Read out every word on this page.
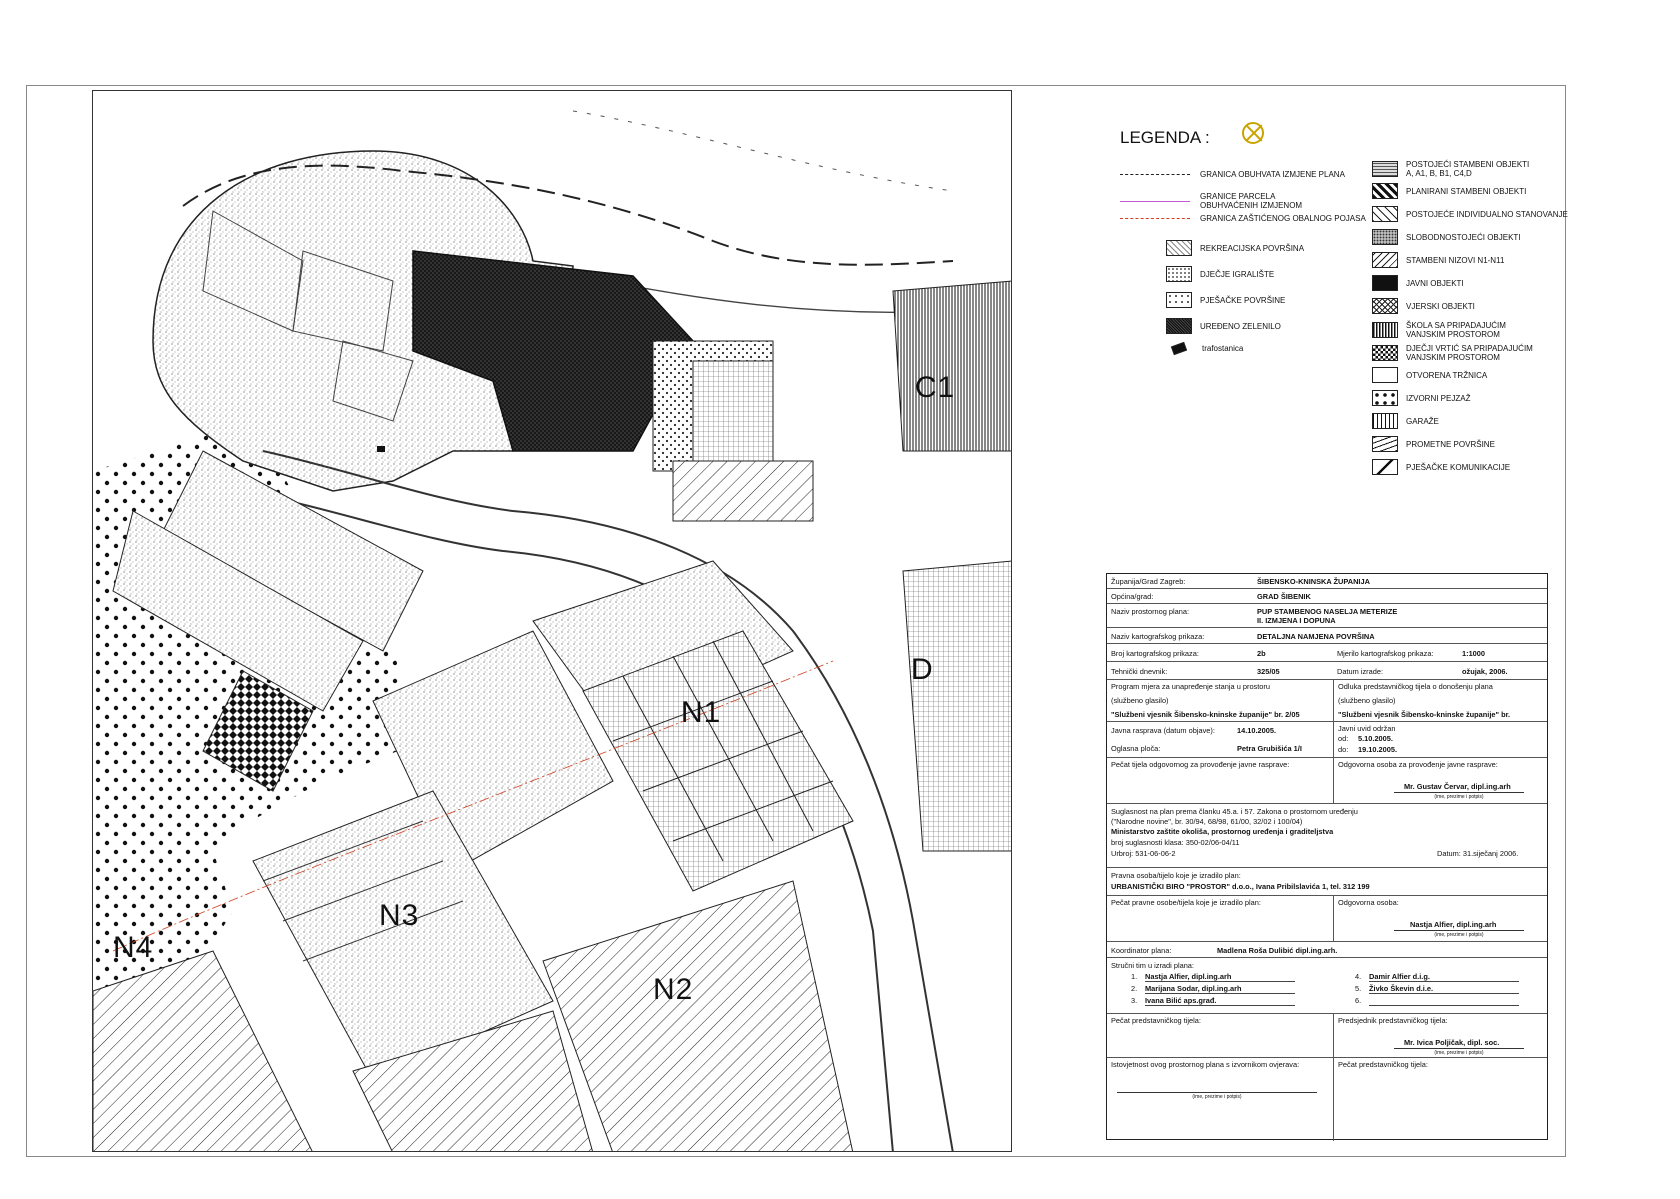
C1
D
N1
N2
N3
N4
LEGENDA :
GRANICA OBUHVATA IZMJENE PLANA
GRANICE PARCELA
OBUHVAĆENIH IZMJENOM
GRANICA ZAŠTIĆENOG OBALNOG POJASA
REKREACIJSKA POVRŠINA
DJEČJE IGRALIŠTE
PJEŠAČKE POVRŠINE
UREĐENO ZELENILO
trafostanica
POSTOJEĆI STAMBENI OBJEKTI
A, A1, B, B1, C4,D
PLANIRANI STAMBENI OBJEKTI
POSTOJEĆE INDIVIDUALNO STANOVANJE
SLOBODNOSTOJEĆI OBJEKTI
STAMBENI NIZOVI N1-N11
JAVNI OBJEKTI
VJERSKI OBJEKTI
ŠKOLA SA PRIPADAJUĆIM
VANJSKIM PROSTOROM
DJEČJI VRTIĆ SA PRIPADAJUĆIM
VANJSKIM PROSTOROM
OTVORENA TRŽNICA
IZVORNI PEJZAŽ
GARAŽE
PROMETNE POVRŠINE
PJEŠAČKE KOMUNIKACIJE
Županija/Grad Zagreb:	ŠIBENSKO-KNINSKA ŽUPANIJA
Općina/grad:	GRAD ŠIBENIK
Naziv prostornog plana:	PUP STAMBENOG NASELJA METERIZE
II. IZMJENA I DOPUNA
Naziv kartografskog prikaza:	DETALJNA NAMJENA POVRŠINA
Broj kartografskog prikaza:	2b	Mjerilo kartografskog prikaza:	1:1000
Tehnički dnevnik:	325/05	Datum izrade:	ožujak, 2006.
Program mjera za unapređenje stanja u prostoru
(službeno glasilo)
"Službeni vjesnik Šibensko-kninske županije" br. 2/05
Odluka predstavničkog tijela o donošenju plana
(službeno glasilo)
"Službeni vjesnik Šibensko-kninske županije" br.
Javna rasprava (datum objave):	14.10.2005.
Oglasna ploča:	Petra Grubišića 1/I
Javni uvid održan
od: 5.10.2005.
do: 19.10.2005.
Pečat tijela odgovornog za provođenje javne rasprave:	Odgovorna osoba za provođenje javne rasprave:
Mr. Gustav Červar, dipl.ing.arh
(ime, prezime i potpis)
Suglasnost na plan prema članku 45.a. i 57. Zakona o prostornom uređenju
("Narodne novine", br. 30/94, 68/98, 61/00, 32/02 i 100/04)
Ministarstvo zaštite okoliša, prostornog uređenja i graditeljstva
broj suglasnosti klasa: 350-02/06-04/11
Urbroj: 531-06-06-2	Datum: 31.siječanj 2006.
Pravna osoba/tijelo koje je izradilo plan:
URBANISTIČKI BIRO "PROSTOR" d.o.o., Ivana Pribilslavića 1, tel. 312 199
Pečat pravne osobe/tijela koje je izradilo plan:	Odgovorna osoba:
Nastja Alfier, dipl.ing.arh
(ime, prezime i potpis)
Koordinator plana:	Madlena Roša Dulibić dipl.ing.arh.
Stručni tim u izradi plana:
1. Nastja Alfier, dipl.ing.arh
2. Marijana Sodar, dipl.ing.arh
3. Ivana Bilić aps.građ.
4. Damir Alfier d.i.g.
5. Živko Škevin d.i.e.
6.
Pečat predstavničkog tijela:	Predsjednik predstavničkog tijela:
Mr. Ivica Poljičak, dipl. soc.
(ime, prezime i potpis)
Istovjetnost ovog prostornog plana s izvornikom ovjerava:
(ime, prezime i potpis)
Pečat predstavničkog tijela:
